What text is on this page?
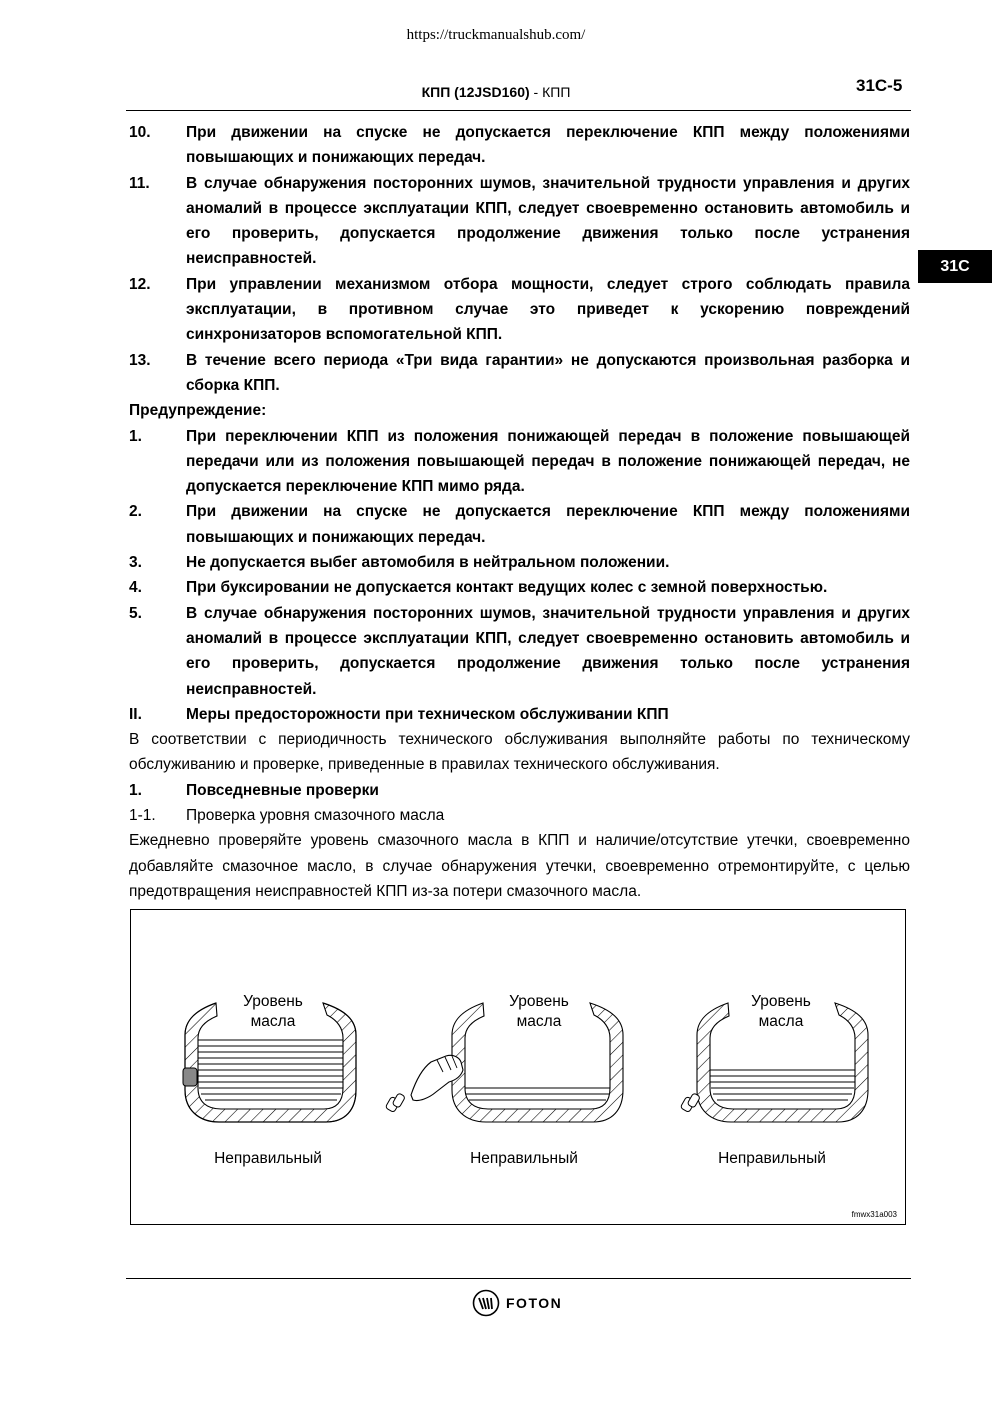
https://truckmanualshub.com/
КПП (12JSD160) - КПП	31C-5
31C
10.	При движении на спуске не допускается переключение КПП между положениями повышающих и понижающих передач.
11.	В случае обнаружения посторонних шумов, значительной трудности управления и других аномалий в процессе эксплуатации КПП, следует своевременно остановить автомобиль и его проверить, допускается продолжение движения только после устранения неисправностей.
12.	При управлении механизмом отбора мощности, следует строго соблюдать правила эксплуатации, в противном случае это приведет к ускорению повреждений синхронизаторов вспомогательной КПП.
13.	В течение всего периода «Три вида гарантии» не допускаются произвольная разборка и сборка КПП.
Предупреждение:
1.	При переключении КПП из положения понижающей передач в положение повышающей передачи или из положения повышающей передач в положение понижающей передач, не допускается переключение КПП мимо ряда.
2.	При движении на спуске не допускается переключение КПП между положениями повышающих и понижающих передач.
3.	Не допускается выбег автомобиля в нейтральном положении.
4.	При буксировании не допускается контакт ведущих колес с земной поверхностью.
5.	В случае обнаружения посторонних шумов, значительной трудности управления и других аномалий в процессе эксплуатации КПП, следует своевременно остановить автомобиль и его проверить, допускается продолжение движения только после устранения неисправностей.
II.	Меры предосторожности при техническом обслуживании КПП
В соответствии с периодичность технического обслуживания выполняйте работы по техническому обслуживанию и проверке, приведенные в правилах технического обслуживания.
1.	Повседневные проверки
1-1.	Проверка уровня смазочного масла
Ежедневно проверяйте уровень смазочного масла в КПП и наличие/отсутствие утечки, своевременно добавляйте смазочное масло, в случае обнаружения утечки, своевременно отремонтируйте, с целью предотвращения неисправностей КПП из-за потери смазочного масла.
Уровень
масла
Уровень
масла
Уровень
масла
Неправильный	Неправильный	Неправильный
fmwx31a003
FOTON
